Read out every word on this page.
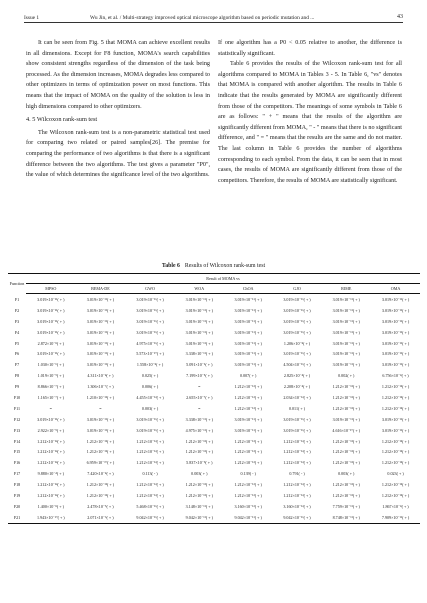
Issue 1	Wu Jin, et al. / Multi-strategy improved optical microscope algorithm based on periodic mutation and ...	43

It can be seen from Fig. 5 that MOMA can achieve excellent results in all dimensions. Except for F8 function, MOMA's search capabilities show consistent strengths regardless of the dimension of the task being processed. As the dimension increases, MOMA degrades less compared to other optimizers in terms of optimization power on most functions. This means that the impact of MOMA on the quality of the solution is less in high dimensions compared to other optimizers.

4. 5 Wilcoxon rank-sum test

The Wilcoxon rank-sum test is a non-parametric statistical test used for comparing two related or paired samples[26]. The premise for comparing the performance of two algorithms is that there is a significant difference between the two algorithms. The test gives a parameter "P0", the value of which determines the significance level of the two algorithms.

If one algorithm has a P0 < 0.05 relative to another, the difference is statistically significant.

Table 6 provides the results of the Wilcoxon rank-sum test for all algorithms compared to MOMA in Tables 3 - 5. In Table 6, "vs" denotes that MOMA is compared with another algorithm. The results in Table 6 indicate that the results generated by MOMA are significantly different from those of the competitors. The meanings of some symbols in Table 6 are as follows: " + " means that the results of the algorithm are significantly different from MOMA, " - " means that there is no significant difference, and " = " means that the results are the same and do not matter. The last column in Table 6 provides the number of algorithms corresponding to each symbol. From the data, it can be seen that in most cases, the results of MOMA are significantly different from those of the competitors. Therefore, the results of MOMA are statistically significant.

Table 6 Results of Wilcoxon rank-sum test
Function	Result of MOMA vs							
	MPSO	BEMA-DE	GWO	WOA	ChOA	GJO	RIME	OMA
F1	3.019×10⁻¹¹( + )	3.019×10⁻¹¹( + )	3.019×10⁻¹¹( + )	3.019×10⁻¹¹( + )	3.019×10⁻¹¹( + )	3.019×10⁻¹¹( + )	3.019×10⁻¹¹( + )	3.019×10⁻¹¹( + )
F2	3.019×10⁻¹¹( + )	3.019×10⁻¹¹( + )	3.019×10⁻¹¹( + )	3.019×10⁻¹¹( + )	3.019×10⁻¹¹( + )	3.019×10⁻¹¹( + )	3.019×10⁻¹¹( + )	3.019×10⁻¹¹( + )
F3	3.019×10⁻¹¹( + )	3.019×10⁻¹¹( + )	3.019×10⁻¹¹( + )	3.019×10⁻¹¹( + )	3.019×10⁻¹¹( + )	3.019×10⁻¹¹( + )	3.019×10⁻¹¹( + )	3.019×10⁻¹¹( + )
F4	3.019×10⁻¹¹( + )	3.019×10⁻¹¹( + )	3.019×10⁻¹¹( + )	3.019×10⁻¹¹( + )	3.019×10⁻¹¹( + )	3.019×10⁻¹¹( + )	3.019×10⁻¹¹( + )	3.019×10⁻¹¹( + )
F5	2.872×10⁻⁸( + )	3.019×10⁻¹¹( + )	4.975×10⁻¹¹( + )	3.019×10⁻¹¹( + )	3.019×10⁻¹¹( + )	1.206×10⁻⁸( + )	3.019×10⁻¹¹( + )	3.019×10⁻¹¹( + )
F6	3.019×10⁻¹¹( + )	3.019×10⁻¹¹( + )	5.573×10⁻¹⁰( + )	3.338×10⁻¹¹( + )	3.019×10⁻¹¹( + )	3.019×10⁻¹¹( + )	3.019×10⁻¹¹( + )	3.019×10⁻¹¹( + )
F7	1.030×10⁻⁶( + )	3.019×10⁻¹¹( + )	1.558×10⁻⁸( + )	5.091×10⁻⁶( + )	3.019×10⁻¹¹( + )	4.504×10⁻¹¹( + )	3.019×10⁻¹¹( + )	3.019×10⁻¹¹( + )
F8	1.019×10⁻⁵( + )	4.311×10⁻⁸( + )	0.025( + )	7.199×10⁻⁵( + )	0.007( + )	2.825×10⁻⁴( + )	0.002( + )	6.756×10⁻⁸( + )
F9	8.866×10⁻⁷( + )	1.306×10⁻⁷( + )	0.006( + )	=	1.212×10⁻¹²( + )	2.208×10⁻⁴( + )	1.212×10⁻¹²( + )	1.212×10⁻¹²( + )
F10	1.165×10⁻⁷( + )	1.210×10⁻¹²( + )	4.455×10⁻¹²( + )	2.655×10⁻⁷( + )	1.212×10⁻¹²( + )	2.034×10⁻¹²( + )	1.212×10⁻¹²( + )	1.212×10⁻¹²( + )
F11	=	=	0.003( + )	=	1.212×10⁻¹²( + )	0.011( + )	1.212×10⁻¹²( + )	1.212×10⁻¹²( + )
F12	3.019×10⁻¹¹( + )	3.019×10⁻¹¹( + )	3.019×10⁻¹¹( + )	3.338×10⁻¹¹( + )	3.019×10⁻¹¹( + )	3.019×10⁻¹¹( + )	3.019×10⁻¹¹( + )	3.019×10⁻¹¹( + )
F13	2.922×10⁻⁹( + )	3.019×10⁻¹¹( + )	3.019×10⁻¹¹( + )	4.975×10⁻¹¹( + )	3.019×10⁻¹¹( + )	3.019×10⁻¹¹( + )	4.616×10⁻¹⁰( + )	3.019×10⁻¹¹( + )
F14	1.212×10⁻¹²( + )	1.212×10⁻¹²( + )	1.212×10⁻¹²( + )	1.212×10⁻¹²( + )	1.212×10⁻¹²( + )	1.212×10⁻¹²( + )	1.212×10⁻¹²( + )	1.212×10⁻¹²( + )
F15	1.212×10⁻¹²( + )	1.212×10⁻¹²( + )	1.212×10⁻¹²( + )	1.212×10⁻¹²( + )	1.212×10⁻¹²( + )	1.212×10⁻¹²( + )	1.212×10⁻¹²( + )	1.212×10⁻¹²( + )
F16	1.212×10⁻¹²( + )	6.959×10⁻¹⁰( + )	1.212×10⁻¹²( + )	5.837×10⁻⁹( + )	1.212×10⁻¹²( + )	1.212×10⁻¹²( + )	1.212×10⁻¹²( + )	1.212×10⁻¹²( + )
F17	9.880×10⁻⁴( + )	7.420×10⁻⁸( + )	0.113( - )	0.003( + )	0.139( - )	0.791( - )	0.003( + )	0.023( + )
F18	1.212×10⁻¹²( + )	1.212×10⁻¹²( + )	1.212×10⁻¹²( + )	1.212×10⁻¹²( + )	1.212×10⁻¹²( + )	1.212×10⁻¹²( + )	1.212×10⁻¹²( + )	1.212×10⁻¹²( + )
F19	1.212×10⁻¹²( + )	1.212×10⁻¹²( + )	1.212×10⁻¹²( + )	1.212×10⁻¹²( + )	1.212×10⁻¹²( + )	1.212×10⁻¹²( + )	1.212×10⁻¹²( + )	1.212×10⁻¹²( + )
F20	1.400×10⁻⁸( + )	2.478×10⁻⁵( + )	5.468×10⁻¹¹( + )	3.148×10⁻¹¹( + )	3.160×10⁻¹²( + )	3.160×10⁻¹²( + )	7.759×10⁻¹¹( + )	1.867×10⁻⁸( + )
F21	1.943×10⁻¹⁰( + )	2.071×10⁻⁶( + )	9.042×10⁻¹¹( + )	9.042×10⁻¹¹( + )	9.042×10⁻¹¹( + )	9.042×10⁻¹¹( + )	8.748×10⁻¹¹( + )	7.909×10⁻¹¹( + )
